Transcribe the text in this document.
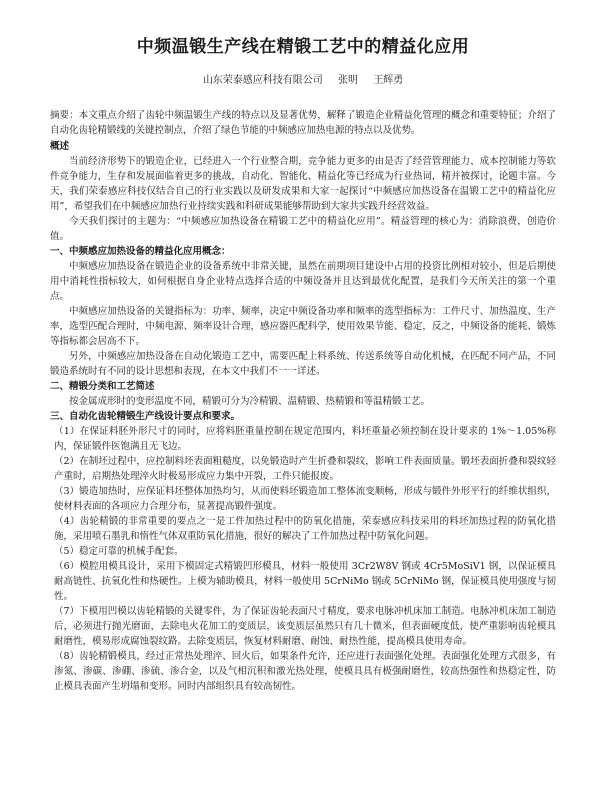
中频温锻生产线在精锻工艺中的精益化应用
山东荣泰感应科技有限公司 张明 王辉勇

摘要：本文重点介绍了齿轮中频温锻生产线的特点以及显著优势，解释了锻造企业精益化管理的概念和重要特征；介绍了自动化齿轮精锻线的关键控制点，介绍了绿色节能的中频感应加热电源的特点以及优势。

概述

当前经济形势下的锻造企业，已经进入一个行业整合期，竞争能力更多的由是否了经营管理能力、成本控制能力等软件竞争能力，生存和发展面临着更多的挑战，自动化、智能化、精益化等已经成为行业热词，精并被探讨，论题丰富。今天，我们荣泰感应科技仅结合自己的行业实践以及研发成果和大家一起探讨“中频感应加热设备在温锻工艺中的精益化应用”，希望我们在中频感应加热行业持续实践和科研成果能够帮助到大家共实践升经营效益。

今天我们探讨的主题为：“中频感应加热设备在精锻工艺中的精益化应用”。精益管理的核心为：消除浪费，创造价值。

一、中频感应加热设备的精益化应用概念：

中频感应加热设备在锻造企业的设备系统中非常关键，虽然在前期项目建设中占用的投资比例相对较小，但是后期使用中消耗性指标较大，如何根据自身企业特点选择合适的中频设备并且达到最优化配置，是我们今天所关注的第一个重点。

中频感应加热设备的关键指标为：功率、频率，决定中频设备功率和频率的选型指标为：工件尺寸、加热温度、生产率，选型匹配合理时，中频电源、频率设计合理，感应器匹配科学，使用效果节能、稳定，反之，中频设备的能耗、锻炼等指标都会居高不下。

另外，中频感应加热设备在自动化锻造工艺中，需要匹配上料系统、传送系统等自动化机械，在匹配不同产品，不同锻造系统时有不同的设计思想和表现，在本文中我们不一一详述。

二、精锻分类和工艺简述

按金属成形时的变形温度不同，精锻可分为冷精锻、温精锻、热精锻和等温精锻工艺。

三、自动化齿轮精锻生产线设计要点和要求。

（1）在保证料胚外形尺寸的同时，应将料胚重量控制在规定范围内，料坯重量必须控制在设计要求的 1%～1.05%称内，保证锻件医饱满且无飞边。

（2）在制坯过程中，应控制料坯表面粗糙度，以免锻造时产生折叠和裂纹，影响工件表面质量。锻坯表面折叠和裂纹轻产重时，启期热处理淬火时极易形成应力集中开裂，工件只能报废。

（3）锻造加热时，应保证料坯整体加热均匀，从而使料坯锻造加工整体流变顺畅，形成与锻件外形平行的纤维状组织，使材料表面的各项应力合理分布，显著提高锻件强度。

（4）齿轮精锻的非常重要的要点之一是工件加热过程中的防氧化措施，荣泰感应科技采用的料坯加热过程的防氧化措施，采用喷石墨乳和惰性气体双重防氧化措施，很好的解决了工件加热过程中防氧化问题。

（5）稳定可靠的机械手配套。

（6）模腔用模具设计，采用下模固定式精锻凹形模具，材料一般使用 3Cr2W8V 钢或 4Cr5MoSiV1 钢，以保证模具耐高链性、抗氧化性和热硬性。上模为辅助模具，材料一般使用 5CrNiMo 钢或 5CrNiMo 钢，保证模具使用强度与韧性。

（7）下模用凹模以齿轮精锻的关键零件，为了保证齿轮表面尺寸精度，要求电脉冲机床加工制造。电脉冲机床加工制造后，必须进行抛光磨面，去除电火花加工的变质层，该变质层虽然只有几十微米，但表面硬度低，使严重影响齿轮模具耐磨性，模易形成腐蚀裂纹路。去除变质层，恢复材料耐磨、耐蚀、耐热性能，提高模具使用寿命。

（8）齿轮精锻模具，经过正常热处理淬、回火后，如果条件允许，还应进行表面强化处理。表面强化处理方式很多，有渗氮、渗碳、渗硼、渗硫、渗合金，以及气相沉积和激光热处理，使模具具有极强耐磨性，较高热强性和热稳定性，防止模具表面产生坍塌和变形。同时内部组织具有较高韧性。
